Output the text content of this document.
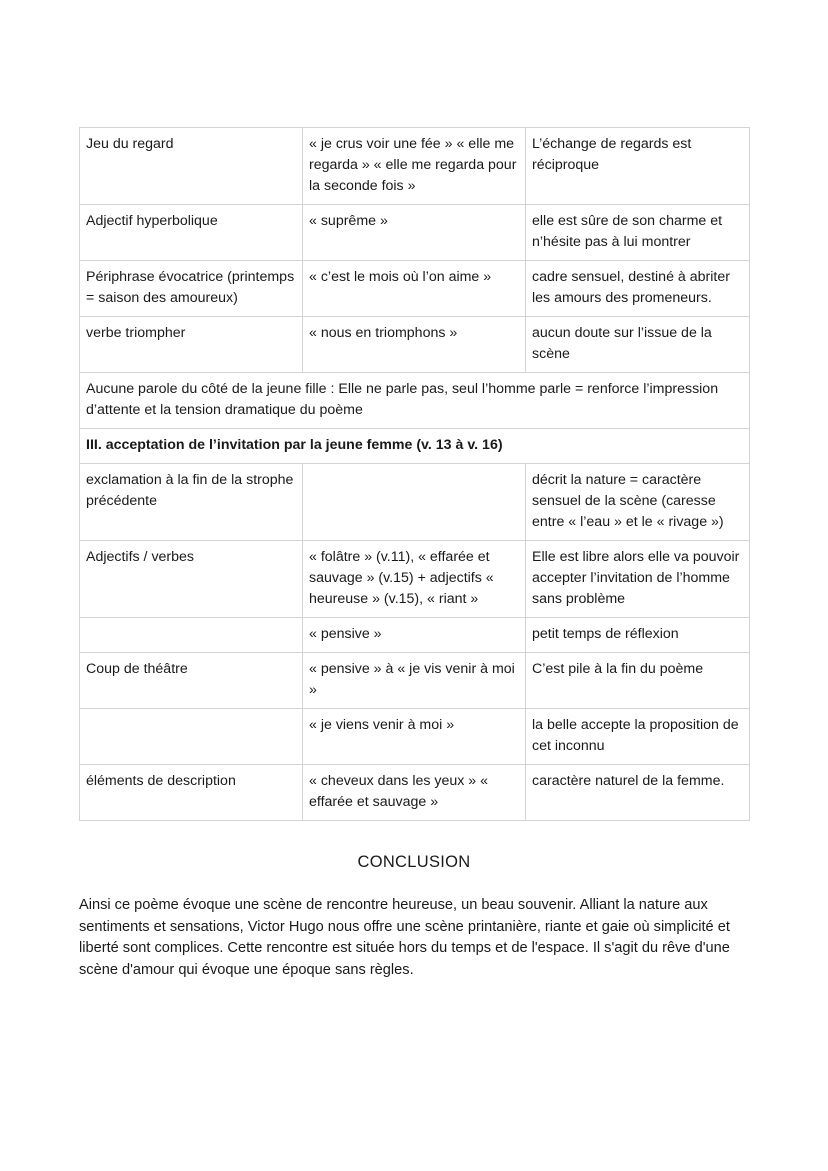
Jeu du regard	« je crus voir une fée » « elle me regarda » « elle me regarda pour la seconde fois »	L’échange de regards est réciproque
Adjectif hyperbolique	« suprême »	elle est sûre de son charme et n’hésite pas à lui montrer
Périphrase évocatrice (printemps = saison des amoureux)	« c’est le mois où l’on aime »	cadre sensuel, destiné à abriter les amours des promeneurs.
verbe triompher	« nous en triomphons »	aucun doute sur l’issue de la scène
Aucune parole du côté de la jeune fille : Elle ne parle pas, seul l’homme parle = renforce l’impression d’attente et la tension dramatique du poème		
III. acceptation de l’invitation par la jeune femme (v. 13 à v. 16)		
exclamation à la fin de la strophe précédente		décrit la nature = caractère sensuel de la scène (caresse entre « l’eau » et le « rivage »)
Adjectifs / verbes	« folâtre » (v.11), « effarée et sauvage » (v.15) + adjectifs « heureuse » (v.15), « riant »	Elle est libre alors elle va pouvoir accepter l’invitation de l’homme sans problème
	« pensive »	petit temps de réflexion
Coup de théâtre	« pensive » à « je vis venir à moi »	C’est pile à la fin du poème
	« je viens venir à moi »	la belle accepte la proposition de cet inconnu
éléments de description	« cheveux dans les yeux » « effarée et sauvage »	caractère naturel de la femme.
CONCLUSION
Ainsi ce poème évoque une scène de rencontre heureuse, un beau souvenir. Alliant la nature aux sentiments et sensations, Victor Hugo nous offre une scène printanière, riante et gaie où simplicité et liberté sont complices. Cette rencontre est située hors du temps et de l'espace. Il s'agit du rêve d'une scène d'amour qui évoque une époque sans règles.
